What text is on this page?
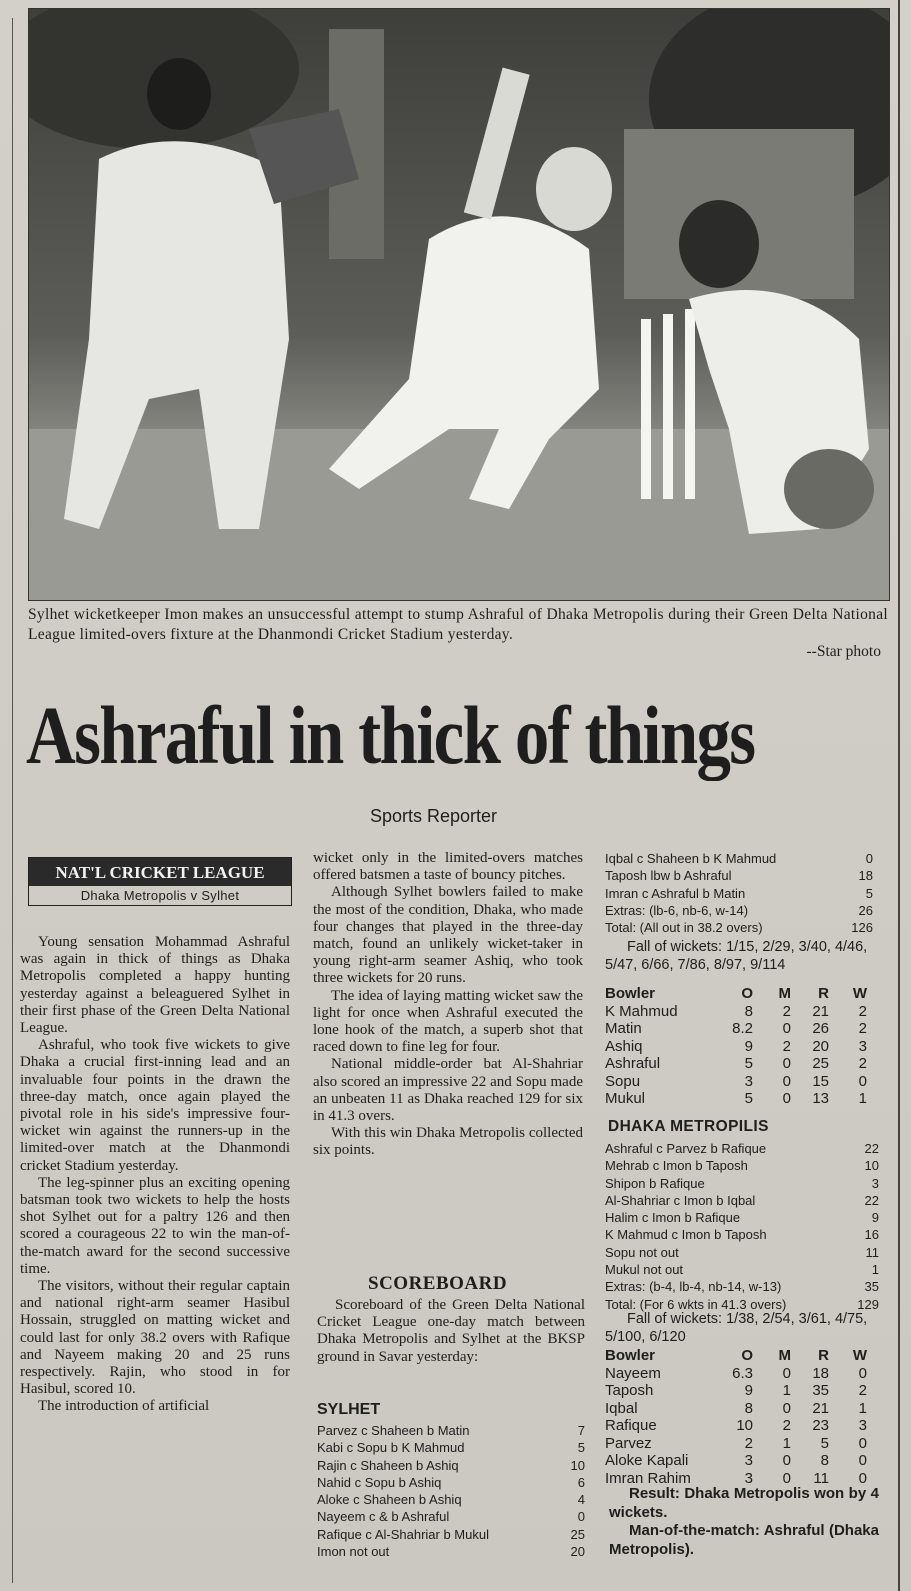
Sylhet wicketkeeper Imon makes an unsuccessful attempt to stump Ashraful of Dhaka Metropolis during their Green Delta National League limited-overs fixture at the Dhanmondi Cricket Stadium yesterday.
--Star photo
Ashraful in thick of things
Sports Reporter
NAT'L CRICKET LEAGUE
Dhaka Metropolis v Sylhet

Young sensation Mohammad Ashraful was again in thick of things as Dhaka Metropolis completed a happy hunting yesterday against a beleaguered Sylhet in their first phase of the Green Delta National League.

Ashraful, who took five wickets to give Dhaka a crucial first-inning lead and an invaluable four points in the drawn the three-day match, once again played the pivotal role in his side's impressive four-wicket win against the runners-up in the limited-over match at the Dhanmondi cricket Stadium yesterday.

The leg-spinner plus an exciting opening batsman took two wickets to help the hosts shot Sylhet out for a paltry 126 and then scored a courageous 22 to win the man-of-the-match award for the second successive time.

The visitors, without their regular captain and national right-arm seamer Hasibul Hossain, struggled on matting wicket and could last for only 38.2 overs with Rafique and Nayeem making 20 and 25 runs respectively. Rajin, who stood in for Hasibul, scored 10.

The introduction of artificial

wicket only in the limited-overs matches offered batsmen a taste of bouncy pitches.

Although Sylhet bowlers failed to make the most of the condition, Dhaka, who made four changes that played in the three-day match, found an unlikely wicket-taker in young right-arm seamer Ashiq, who took three wickets for 20 runs.

The idea of laying matting wicket saw the light for once when Ashraful executed the lone hook of the match, a superb shot that raced down to fine leg for four.

National middle-order bat Al-Shahriar also scored an impressive 22 and Sopu made an unbeaten 11 as Dhaka reached 129 for six in 41.3 overs.

With this win Dhaka Metropolis collected six points.

SCOREBOARD
Scoreboard of the Green Delta National Cricket League one-day match between Dhaka Metropolis and Sylhet at the BKSP ground in Savar yesterday:
SYLHET
Parvez c Shaheen b Matin	7
Kabi c Sopu b K Mahmud	5
Rajin c Shaheen b Ashiq	10
Nahid c Sopu b Ashiq	6
Aloke c Shaheen b Ashiq	4
Nayeem c & b Ashraful	0
Rafique c Al-Shahriar b Mukul	25
Imon not out	20
Iqbal c Shaheen b K Mahmud	0
Taposh lbw b Ashraful	18
Imran c Ashraful b Matin	5
Extras: (lb-6, nb-6, w-14)	26
Total: (All out in 38.2 overs)	126
Fall of wickets: 1/15, 2/29, 3/40, 4/46, 5/47, 6/66, 7/86, 8/97, 9/114
Bowler	O	M	R	W
K Mahmud	8	2	21	2
Matin	8.2	0	26	2
Ashiq	9	2	20	3
Ashraful	5	0	25	2
Sopu	3	0	15	0
Mukul	5	0	13	1
DHAKA METROPILIS
Ashraful c Parvez b Rafique	22
Mehrab c Imon b Taposh	10
Shipon b Rafique	3
Al-Shahriar c Imon b Iqbal	22
Halim c Imon b Rafique	9
K Mahmud c Imon b Taposh	16
Sopu not out	11
Mukul not out	1
Extras: (b-4, lb-4, nb-14, w-13)	35
Total: (For 6 wkts in 41.3 overs)	129
Fall of wickets: 1/38, 2/54, 3/61, 4/75, 5/100, 6/120
Bowler	O	M	R	W
Nayeem	6.3	0	18	0
Taposh	9	1	35	2
Iqbal	8	0	21	1
Rafique	10	2	23	3
Parvez	2	1	5	0
Aloke Kapali	3	0	8	0
Imran Rahim	3	0	11	0
Result: Dhaka Metropolis won by 4 wickets.
Man-of-the-match: Ashraful (Dhaka Metropolis).
